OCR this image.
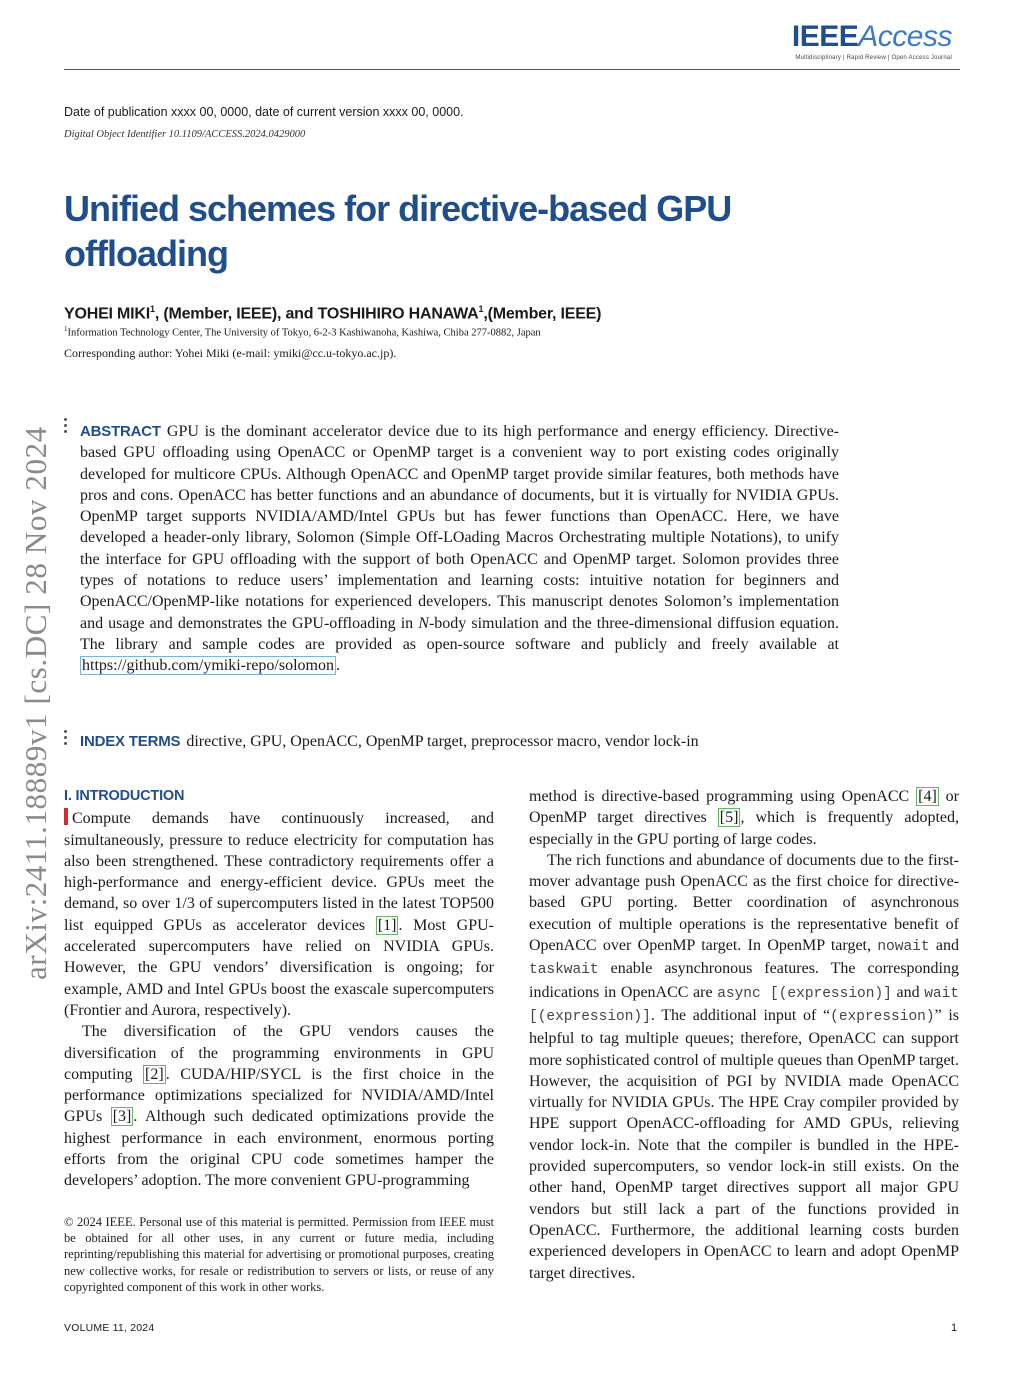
IEEEAccess
Multidisciplinary | Rapid Review | Open Access Journal
Date of publication xxxx 00, 0000, date of current version xxxx 00, 0000.
Digital Object Identifier 10.1109/ACCESS.2024.0429000
Unified schemes for directive-based GPU offloading
YOHEI MIKI$^1$, (Member, IEEE), and TOSHIHIRO HANAWA$^1$,(Member, IEEE)
$^1$Information Technology Center, The University of Tokyo, 6-2-3 Kashiwanoha, Kashiwa, Chiba 277-0882, Japan
Corresponding author: Yohei Miki (e-mail: ymiki@cc.u-tokyo.ac.jp).
arXiv:2411.18889v1 [cs.DC] 28 Nov 2024 ABSTRACT GPU is the dominant accelerator device due to its high performance and energy efficiency. Directive-based GPU offloading using OpenACC or OpenMP target is a convenient way to port existing codes originally developed for multicore CPUs. Although OpenACC and OpenMP target provide similar features, both methods have pros and cons. OpenACC has better functions and an abundance of documents, but it is virtually for NVIDIA GPUs. OpenMP target supports NVIDIA/AMD/Intel GPUs but has fewer functions than OpenACC. Here, we have developed a header-only library, Solomon (Simple Off-LOading Macros Orchestrating multiple Notations), to unify the interface for GPU offloading with the support of both OpenACC and OpenMP target. Solomon provides three types of notations to reduce users’ implementation and learning costs: intuitive notation for beginners and OpenACC/OpenMP-like notations for experienced developers. This manuscript denotes Solomon’s implementation and usage and demonstrates the GPU-offloading in N-body simulation and the three-dimensional diffusion equation. The library and sample codes are provided as open-source software and publicly and freely available at https://github.com/ymiki-repo/solomon .
INDEX TERMS directive, GPU, OpenACC, OpenMP target, preprocessor macro, vendor lock-in
I. INTRODUCTION

Compute demands have continuously increased, and simultaneously, pressure to reduce electricity for computation has also been strengthened. These contradictory requirements offer a high-performance and energy-efficient device. GPUs meet the demand, so over 1/3 of supercomputers listed in the latest TOP500 list equipped GPUs as accelerator devices [1] . Most GPU-accelerated supercomputers have relied on NVIDIA GPUs. However, the GPU vendors’ diversification is ongoing; for example, AMD and Intel GPUs boost the exascale supercomputers (Frontier and Aurora, respectively).

The diversification of the GPU vendors causes the diversification of the programming environments in GPU computing [2] . CUDA/HIP/SYCL is the first choice in the performance optimizations specialized for NVIDIA/AMD/Intel GPUs [3] . Although such dedicated optimizations provide the highest performance in each environment, enormous porting efforts from the original CPU code sometimes hamper the developers’ adoption. The more convenient GPU-programming

© 2024 IEEE. Personal use of this material is permitted. Permission from IEEE must be obtained for all other uses, in any current or future media, including reprinting/republishing this material for advertising or promotional purposes, creating new collective works, for resale or redistribution to servers or lists, or reuse of any copyrighted component of this work in other works.

method is directive-based programming using OpenACC [4] or OpenMP target directives [5] , which is frequently adopted, especially in the GPU porting of large codes.

The rich functions and abundance of documents due to the first-mover advantage push OpenACC as the first choice for directive-based GPU porting. Better coordination of asynchronous execution of multiple operations is the representative benefit of OpenACC over OpenMP target. In OpenMP target, nowait and taskwait enable asynchronous features. The corresponding indications in OpenACC are async [(expression)] and wait [(expression)]. The additional input of “(expression)” is helpful to tag multiple queues; therefore, OpenACC can support more sophisticated control of multiple queues than OpenMP target. However, the acquisition of PGI by NVIDIA made OpenACC virtually for NVIDIA GPUs. The HPE Cray compiler provided by HPE support OpenACC-offloading for AMD GPUs, relieving vendor lock-in. Note that the compiler is bundled in the HPE-provided supercomputers, so vendor lock-in still exists. On the other hand, OpenMP target directives support all major GPU vendors but still lack a part of the functions provided in OpenACC. Furthermore, the additional learning costs burden experienced developers in OpenACC to learn and adopt OpenMP target directives.

VOLUME 11, 2024	1
